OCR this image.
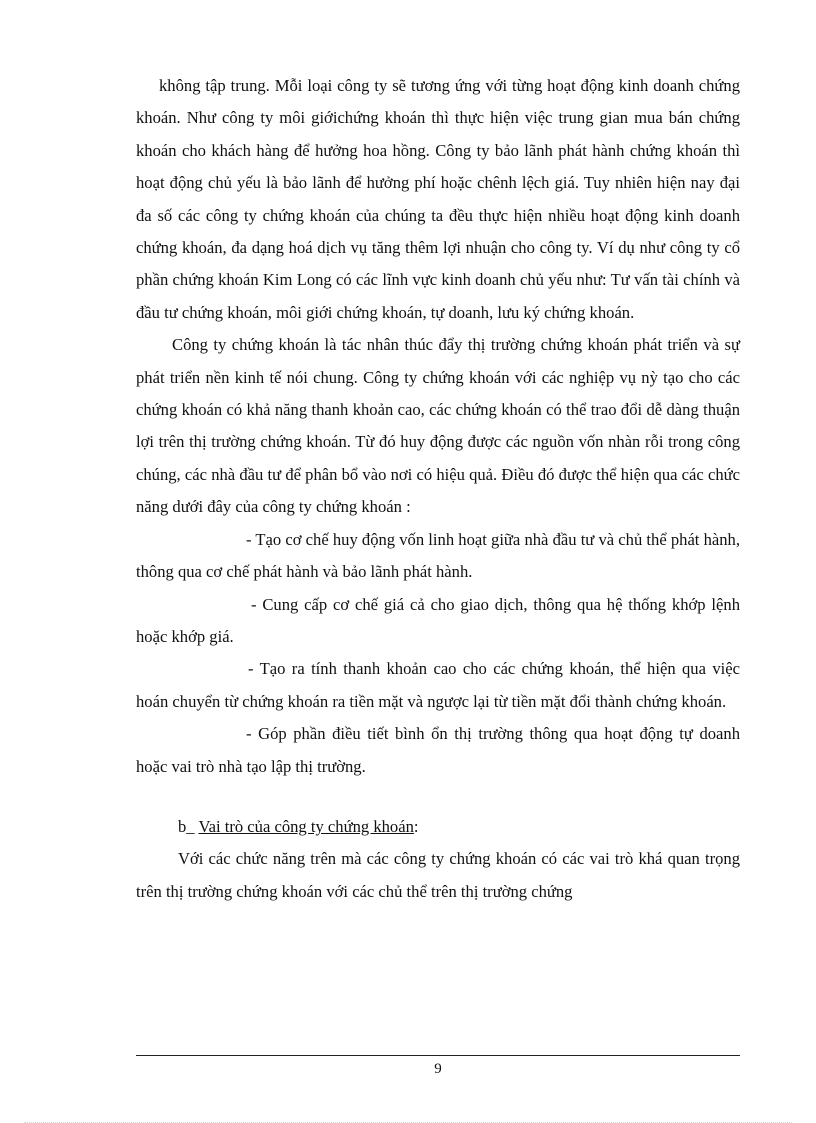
không tập trung. Mỗi loại công ty sẽ tương ứng với từng hoạt động kinh doanh chứng khoán. Như công ty môi giớichứng khoán thì thực hiện việc trung gian mua bán chứng khoán cho khách hàng để hưởng hoa hồng. Công ty bảo lãnh phát hành chứng khoán thì hoạt động chủ yếu là bảo lãnh để hưởng phí hoặc chênh lệch giá. Tuy nhiên hiện nay đại đa số các công ty chứng khoán của chúng ta đều thực hiện nhiều hoạt động kinh doanh chứng khoán, đa dạng hoá dịch vụ tăng thêm lợi nhuận cho công ty. Ví dụ như công ty cổ phần chứng khoán Kim Long có các lĩnh vực kinh doanh chủ yếu như: Tư vấn tài chính và đầu tư chứng khoán, môi giới chứng khoán, tự doanh, lưu ký chứng khoán.

Công ty chứng khoán là tác nhân thúc đẩy thị trường chứng khoán phát triển và sự phát triển nền kinh tế nói chung. Công ty chứng khoán với các nghiệp vụ nỳ tạo cho các chứng khoán có khả năng thanh khoản cao, các chứng khoán có thể trao đổi dễ dàng thuận lợi trên thị trường chứng khoán. Từ đó huy động được các nguồn vốn nhàn rỗi trong công chúng, các nhà đầu tư để phân bổ vào nơi có hiệu quả. Điều đó được thể hiện qua các chức năng dưới đây của công ty chứng khoán :

- Tạo cơ chế huy động vốn linh hoạt giữa nhà đầu tư và chủ thể phát hành, thông qua cơ chế phát hành và bảo lãnh phát hành.

- Cung cấp cơ chế giá cả cho giao dịch, thông qua hệ thống khớp lệnh hoặc khớp giá.

- Tạo ra tính thanh khoản cao cho các chứng khoán, thể hiện qua việc hoán chuyển từ chứng khoán ra tiền mặt và ngược lại từ tiền mặt đổi thành chứng khoán.

- Góp phần điều tiết bình ổn thị trường thông qua hoạt động tự doanh hoặc vai trò nhà tạo lập thị trường.

b_ Vai trò của công ty chứng khoán:

Với các chức năng trên mà các công ty chứng khoán có các vai trò khá quan trọng trên thị trường chứng khoán với các chủ thể trên thị trường chứng

9
